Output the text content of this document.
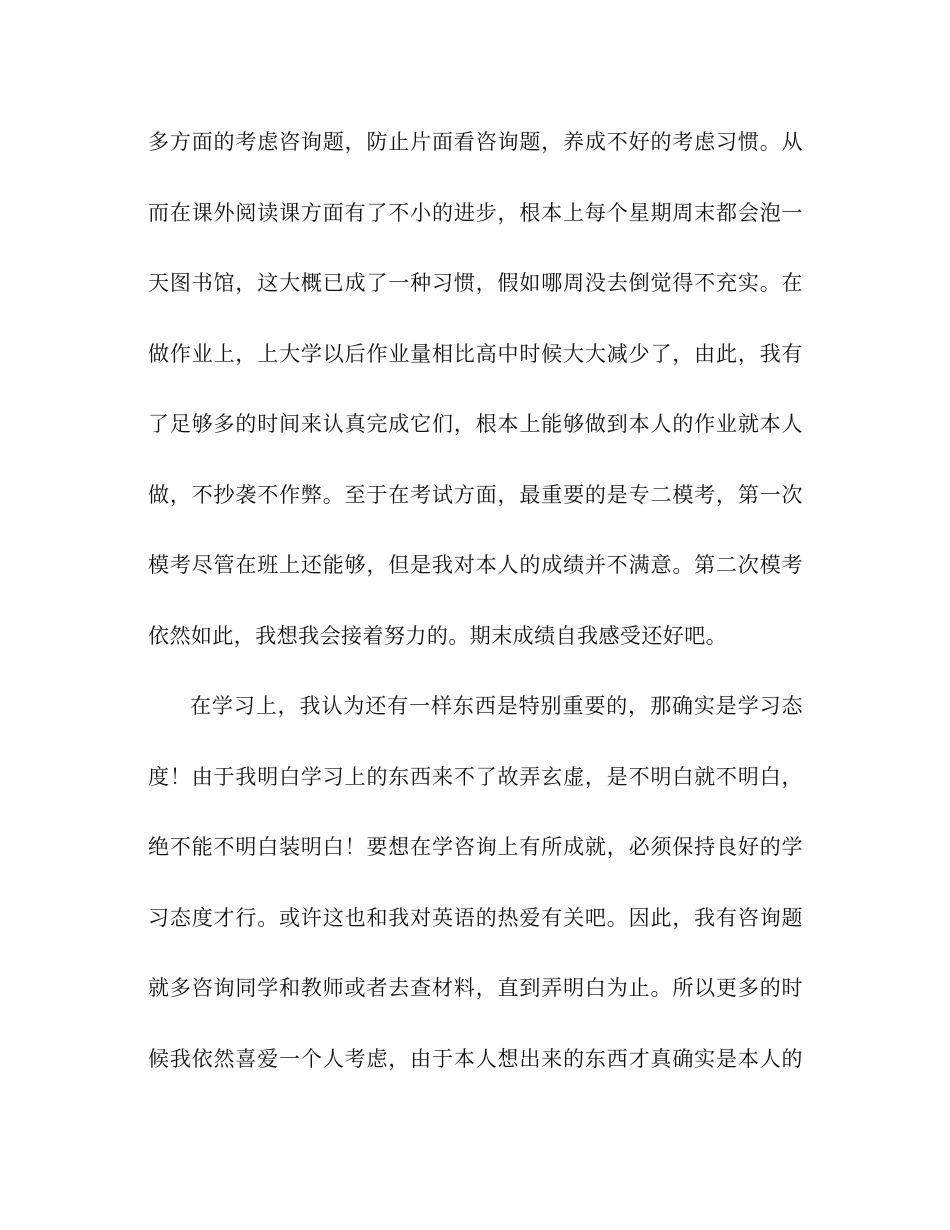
多方面的考虑咨询题，防止片面看咨询题，养成不好的考虑习惯。从
而在课外阅读课方面有了不小的进步，根本上每个星期周末都会泡一
天图书馆，这大概已成了一种习惯，假如哪周没去倒觉得不充实。在
做作业上，上大学以后作业量相比高中时候大大减少了，由此，我有
了足够多的时间来认真完成它们，根本上能够做到本人的作业就本人
做，不抄袭不作弊。至于在考试方面，最重要的是专二模考，第一次
模考尽管在班上还能够，但是我对本人的成绩并不满意。第二次模考
依然如此，我想我会接着努力的。期末成绩自我感受还好吧。
在学习上，我认为还有一样东西是特别重要的，那确实是学习态
度！由于我明白学习上的东西来不了故弄玄虚，是不明白就不明白，
绝不能不明白装明白！要想在学咨询上有所成就，必须保持良好的学
习态度才行。或许这也和我对英语的热爱有关吧。因此，我有咨询题
就多咨询同学和教师或者去查材料，直到弄明白为止。所以更多的时
候我依然喜爱一个人考虑，由于本人想出来的东西才真确实是本人的
